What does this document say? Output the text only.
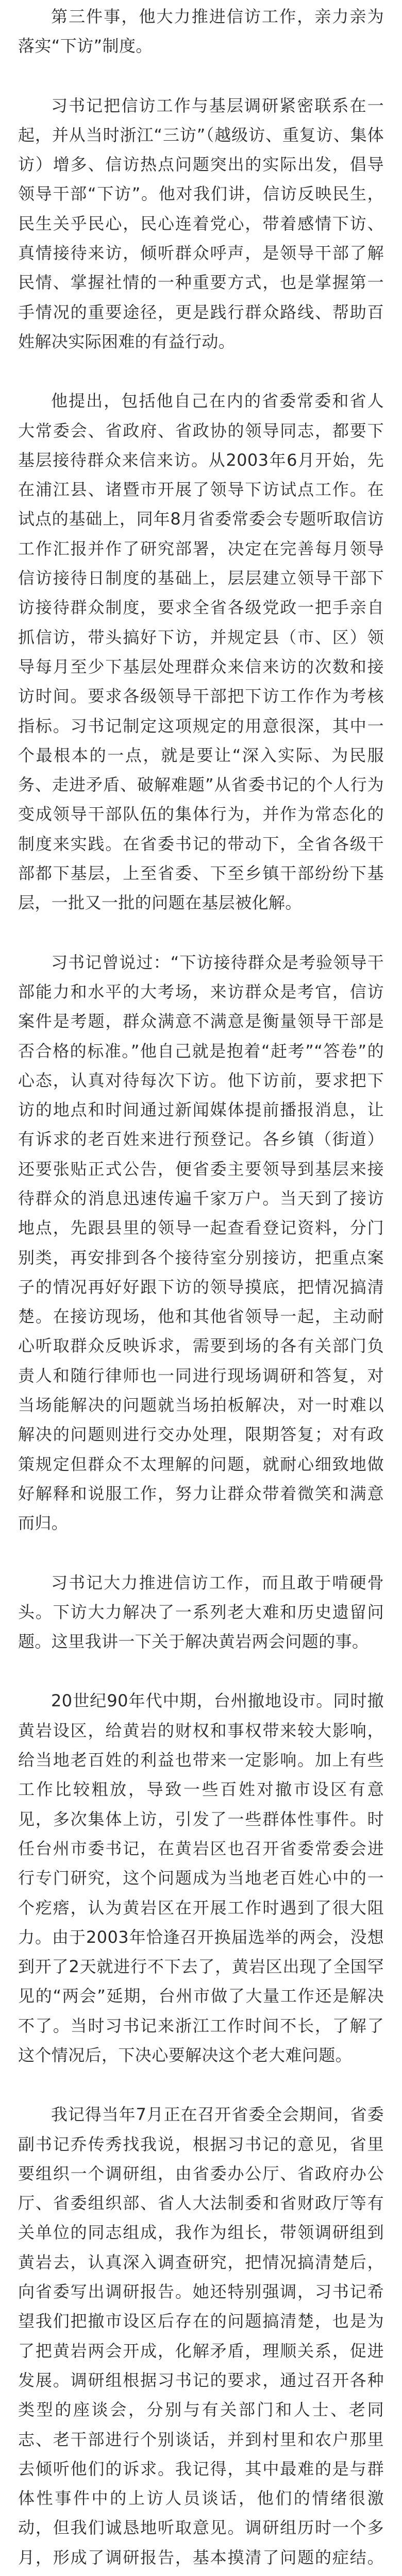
第三件事，他大力推进信访工作，亲力亲为落实“下访”制度。

习书记把信访工作与基层调研紧密联系在一起，并从当时浙江“三访”（越级访、重复访、集体访）增多、信访热点问题突出的实际出发，倡导领导干部“下访”。他对我们讲，信访反映民生，民生关乎民心，民心连着党心，带着感情下访、真情接待来访，倾听群众呼声，是领导干部了解民情、掌握社情的一种重要方式，也是掌握第一手情况的重要途径，更是践行群众路线、帮助百姓解决实际困难的有益行动。

他提出，包括他自己在内的省委常委和省人大常委会、省政府、省政协的领导同志，都要下基层接待群众来信来访。从2003年6月开始，先在浦江县、诸暨市开展了领导下访试点工作。在试点的基础上，同年8月省委常委会专题听取信访工作汇报并作了研究部署，决定在完善每月领导信访接待日制度的基础上，层层建立领导干部下访接待群众制度，要求全省各级党政一把手亲自抓信访，带头搞好下访，并规定县（市、区）领导每月至少下基层处理群众来信来访的次数和接访时间。要求各级领导干部把下访工作作为考核指标。习书记制定这项规定的用意很深，其中一个最根本的一点，就是要让“深入实际、为民服务、走进矛盾、破解难题”从省委书记的个人行为变成领导干部队伍的集体行为，并作为常态化的制度来实践。在省委书记的带动下，全省各级干部都下基层，上至省委、下至乡镇干部纷纷下基层，一批又一批的问题在基层被化解。

习书记曾说过：“下访接待群众是考验领导干部能力和水平的大考场，来访群众是考官，信访案件是考题，群众满意不满意是衡量领导干部是否合格的标准。”他自己就是抱着“赶考”“答卷”的心态，认真对待每次下访。他下访前，要求把下访的地点和时间通过新闻媒体提前播报消息，让有诉求的老百姓来进行预登记。各乡镇（街道）还要张贴正式公告，便省委主要领导到基层来接待群众的消息迅速传遍千家万户。当天到了接访地点，先跟县里的领导一起查看登记资料，分门别类，再安排到各个接待室分别接访，把重点案子的情况再好好跟下访的领导摸底，把情况搞清楚。在接访现场，他和其他省领导一起，主动耐心听取群众反映诉求，需要到场的各有关部门负责人和随行律师也一同进行现场调研和答复，对当场能解决的问题就当场拍板解决，对一时难以解决的问题则进行交办处理，限期答复；对有政策规定但群众不太理解的问题，就耐心细致地做好解释和说服工作，努力让群众带着微笑和满意而归。

习书记大力推进信访工作，而且敢于啃硬骨头。下访大力解决了一系列老大难和历史遗留问题。这里我讲一下关于解决黄岩两会问题的事。

20世纪90年代中期，台州撤地设市。同时撤黄岩设区，给黄岩的财权和事权带来较大影响，给当地老百姓的利益也带来一定影响。加上有些工作比较粗放，导致一些百姓对撤市设区有意见，多次集体上访，引发了一些群体性事件。时任台州市委书记，在黄岩区也召开省委常委会进行专门研究，这个问题成为当地老百姓心中的一个疙瘩，认为黄岩区在开展工作时遇到了很大阻力。由于2003年恰逢召开换届选举的两会，没想到开了2天就进行不下去了，黄岩区出现了全国罕见的“两会”延期，台州市做了大量工作还是解决不了。当时习书记来浙江工作时间不长，了解了这个情况后，下决心要解决这个老大难问题。

我记得当年7月正在召开省委全会期间，省委副书记乔传秀找我说，根据习书记的意见，省里要组织一个调研组，由省委办公厅、省政府办公厅、省委组织部、省人大法制委和省财政厅等有关单位的同志组成，我作为组长，带领调研组到黄岩去，认真深入调查研究，把情况搞清楚后，向省委写出调研报告。她还特别强调，习书记希望我们把撤市设区后存在的问题搞清楚，也是为了把黄岩两会开成，化解矛盾，理顺关系，促进发展。调研组根据习书记的要求，通过召开各种类型的座谈会，分别与有关部门和人士、老同志、老干部进行个别谈话，并到村里和农户那里去倾听他们的诉求。我记得，其中最难的是与群体性事件中的上访人员谈话，他们的情绪很激动，但我们诚恳地听取意见。调研组历时一个多月，形成了调研报告，基本摸清了问题的症结。
